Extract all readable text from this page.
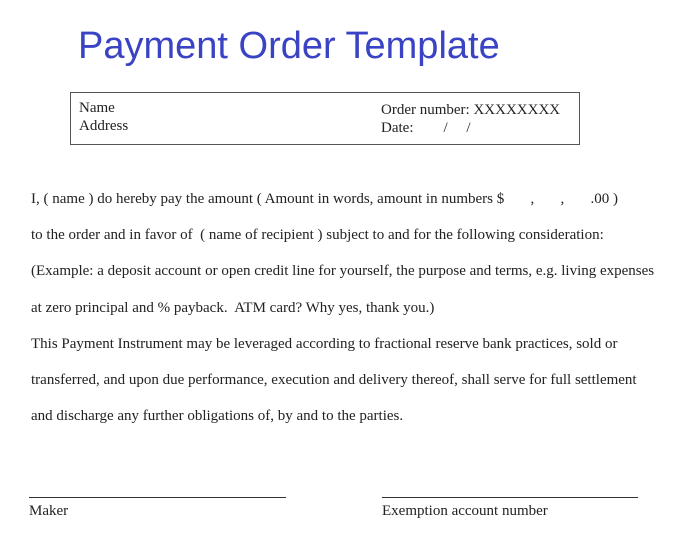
Payment Order Template
Name
Address
Order number: XXXXXXXX
Date:        /     /

I, ( name ) do hereby pay the amount ( Amount in words, amount in numbers $       ,       ,       .00 )

to the order and in favor of  ( name of recipient ) subject to and for the following consideration:

(Example: a deposit account or open credit line for yourself, the purpose and terms, e.g. living expenses

at zero principal and % payback.  ATM card? Why yes, thank you.)

This Payment Instrument may be leveraged according to fractional reserve bank practices, sold or

transferred, and upon due performance, execution and delivery thereof, shall serve for full settlement

and discharge any further obligations of, by and to the parties.

Maker	Exemption account number
